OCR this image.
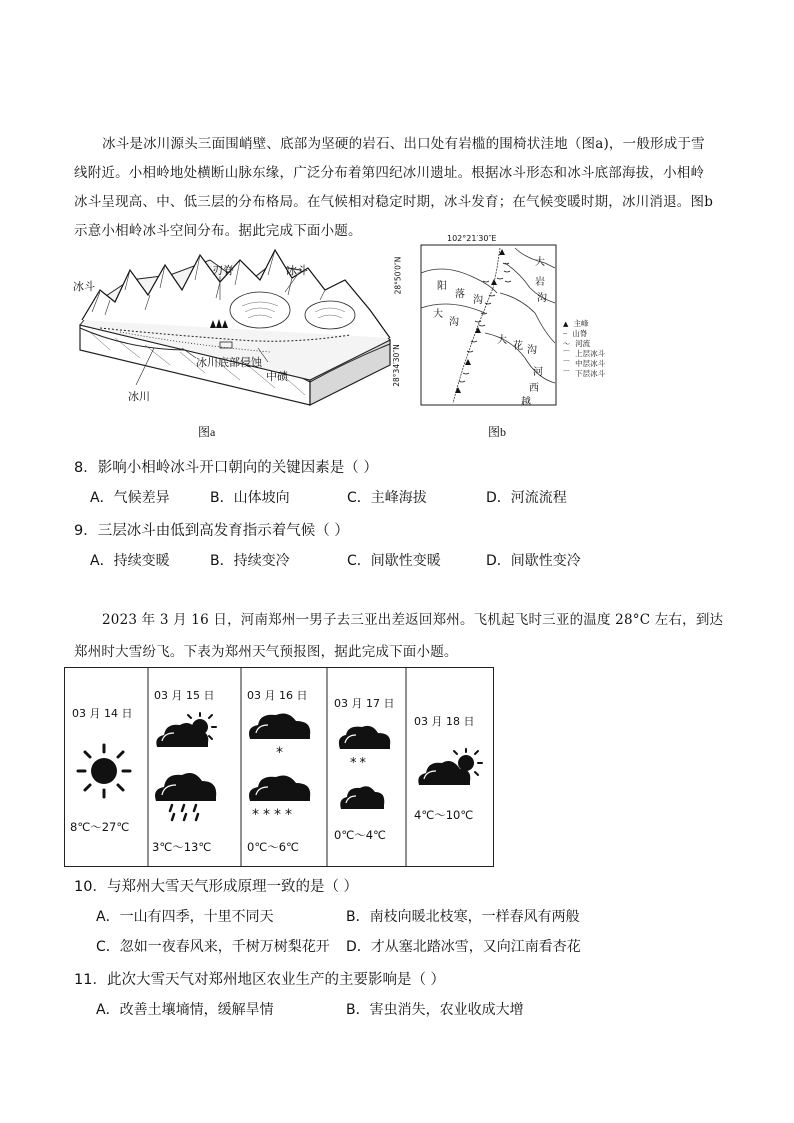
冰斗是冰川源头三面围峭壁、底部为坚硬的岩石、出口处有岩槛的围椅状洼地（图a)，一般形成于雪

线附近。小相岭地处横断山脉东缘，广泛分布着第四纪冰川遗址。根据冰斗形态和冰斗底部海拔，小相岭

冰斗呈现高、中、低三层的分布格局。在气候相对稳定时期，冰斗发育；在气候变暖时期，冰川消退。图b

示意小相岭冰斗空间分布。据此完成下面小题。

冰斗
刃脊	冰斗
冰川底部侵蚀
中碛
冰川
图a
102°21′30″E
28°50′0″N
28°34′30″N
阳
落
沟
大
沟
大
岩
沟
大
花 沟
河
西
越
▲ 主峰
┈ 山脊
～ 河流
⌒ 上层冰斗
⌒ 中层冰斗
⌒ 下层冰斗
图b
8．影响小相岭冰斗开口朝向的关键因素是（ ）
A．气候差异	B．山体坡向	C．主峰海拔	D．河流流程
9．三层冰斗由低到高发育指示着气候（ ）
A．持续变暖	B．持续变冷	C．间歇性变暖	D．间歇性变冷

2023 年 3 月 16 日，河南郑州一男子去三亚出差返回郑州。飞机起飞时三亚的温度 28°C 左右，到达

郑州时大雪纷飞。下表为郑州天气预报图，据此完成下面小题。

03 月 14 日
8℃～27℃
03 月 15 日
3℃～13℃
03 月 16 日
*
****
0℃～6℃
03 月 17 日
**
0℃～4℃
03 月 18 日
4℃～10℃
10．与郑州大雪天气形成原理一致的是（ ）
A．一山有四季，十里不同天	B．南枝向暖北枝寒，一样春风有两般
C．忽如一夜春风来，千树万树梨花开 D．才从塞北踏冰雪，又向江南看杏花
11．此次大雪天气对郑州地区农业生产的主要影响是（ ）
A．改善土壤墒情，缓解旱情	B．害虫消失，农业收成大增
